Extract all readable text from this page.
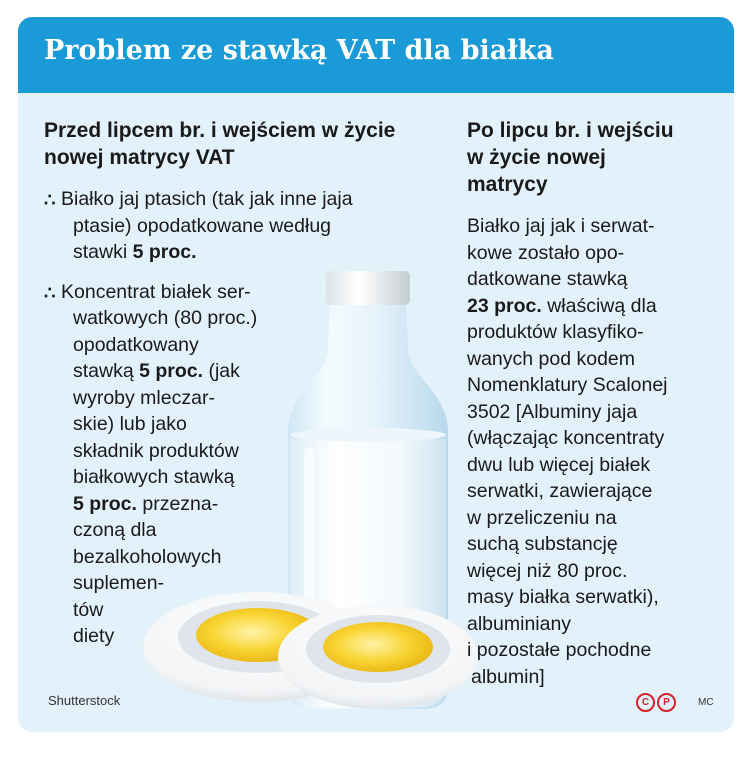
Problem ze stawką VAT dla białka

Przed lipcem br. i wejściem w życie
nowej matrycy VAT

∴ Białko jaj ptasich (tak jak inne jaja
ptasie) opodatkowane według
stawki 5 proc.
∴ Koncentrat białek ser-
watkowych (80 proc.)
opodatkowany
stawką 5 proc. (jak
wyroby mleczar-
skie) lub jako
składnik produktów
białkowych stawką
5 proc. przezna-
czoną dla
bezalkoholowych
suplemen-
tów
diety

Po lipcu br. i wejściu
w życie nowej
matrycy

Białko jaj jak i serwat-
kowe zostało opo-
datkowane stawką
23 proc. właściwą dla
produktów klasyfiko-
wanych pod kodem
Nomenklatury Scalonej
3502 [Albuminy jaja
(włączając koncentraty
dwu lub więcej białek
serwatki, zawierające
w przeliczeniu na
suchą substancję
więcej niż 80 proc.
masy białka serwatki),
albuminiany
i pozostałe pochodne
albumin]
Shutterstock	C	P	MC
